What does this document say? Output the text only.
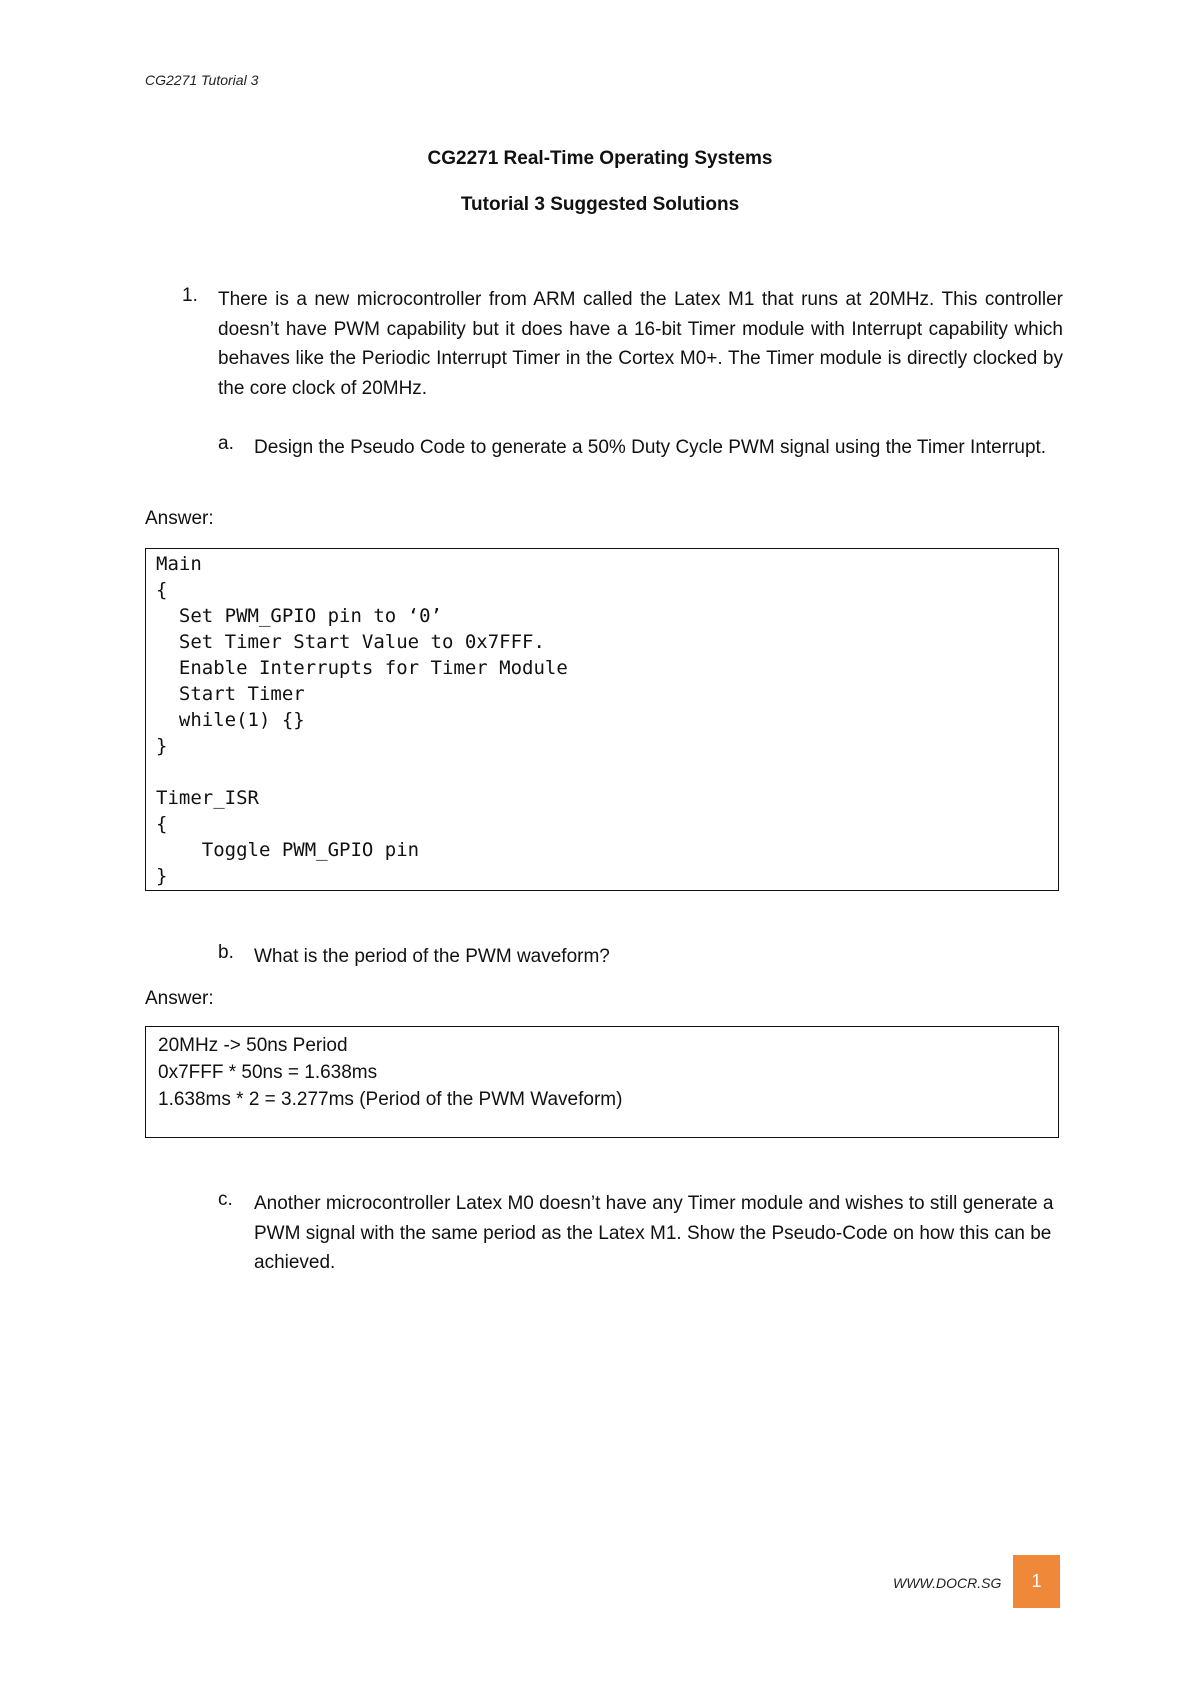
CG2271 Tutorial 3
CG2271 Real-Time Operating Systems
Tutorial 3 Suggested Solutions
1. There is a new microcontroller from ARM called the Latex M1 that runs at 20MHz. This controller doesn’t have PWM capability but it does have a 16-bit Timer module with Interrupt capability which behaves like the Periodic Interrupt Timer in the Cortex M0+. The Timer module is directly clocked by the core clock of 20MHz.
a. Design the Pseudo Code to generate a 50% Duty Cycle PWM signal using the Timer Interrupt.
Answer:
Main
{
Set PWM_GPIO pin to ‘0’
Set Timer Start Value to 0x7FFF.
Enable Interrupts for Timer Module
Start Timer
while(1) {}
}
Timer_ISR
{
Toggle PWM_GPIO pin
}
b. What is the period of the PWM waveform?
Answer:
20MHz -> 50ns Period
0x7FFF * 50ns = 1.638ms
1.638ms * 2 = 3.277ms (Period of the PWM Waveform)
c. Another microcontroller Latex M0 doesn’t have any Timer module and wishes to still generate a PWM signal with the same period as the Latex M1. Show the Pseudo-Code on how this can be achieved.
WWW.DOCR.SG	1
